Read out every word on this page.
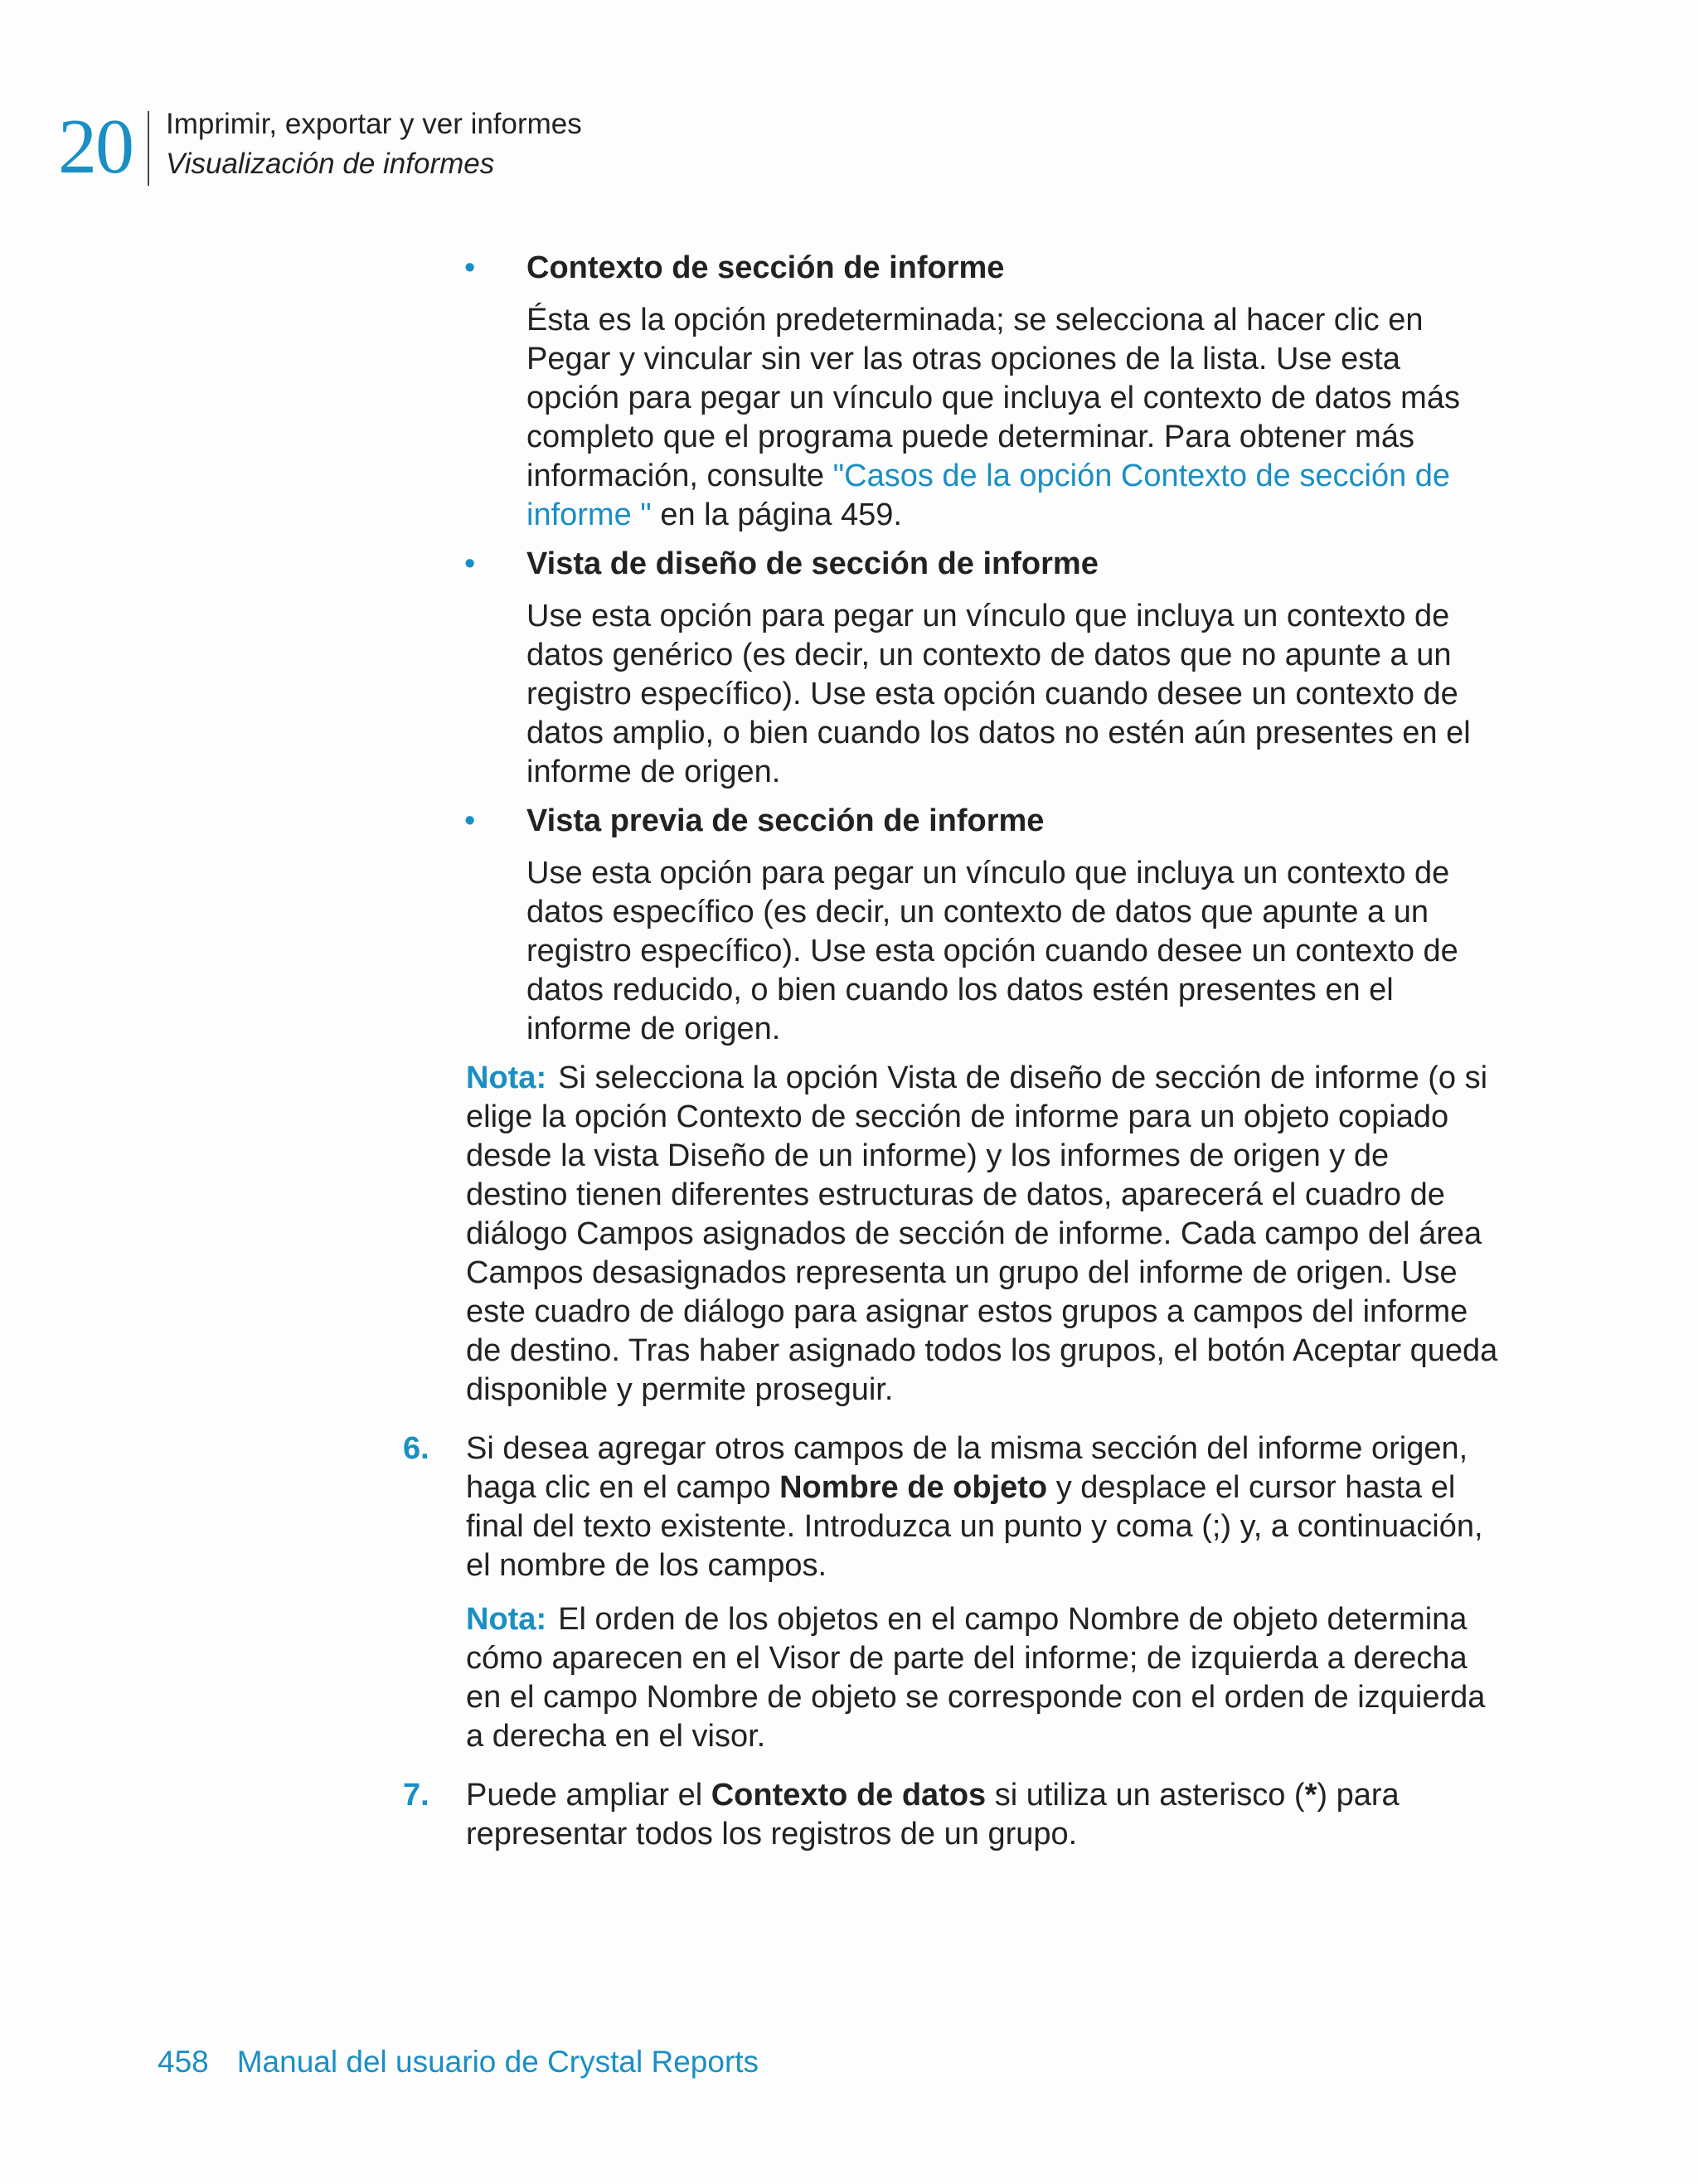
20 Imprimir, exportar y ver informes
Visualización de informes
• Contexto de sección de informe

Ésta es la opción predeterminada; se selecciona al hacer clic en Pegar y vincular sin ver las otras opciones de la lista. Use esta opción para pegar un vínculo que incluya el contexto de datos más completo que el programa puede determinar. Para obtener más información, consulte "Casos de la opción Contexto de sección de informe " en la página 459.

• Vista de diseño de sección de informe

Use esta opción para pegar un vínculo que incluya un contexto de datos genérico (es decir, un contexto de datos que no apunte a un registro específico). Use esta opción cuando desee un contexto de datos amplio, o bien cuando los datos no estén aún presentes en el informe de origen.

• Vista previa de sección de informe

Use esta opción para pegar un vínculo que incluya un contexto de datos específico (es decir, un contexto de datos que apunte a un registro específico). Use esta opción cuando desee un contexto de datos reducido, o bien cuando los datos estén presentes en el informe de origen.

Nota: Si selecciona la opción Vista de diseño de sección de informe (o si elige la opción Contexto de sección de informe para un objeto copiado desde la vista Diseño de un informe) y los informes de origen y de destino tienen diferentes estructuras de datos, aparecerá el cuadro de diálogo Campos asignados de sección de informe. Cada campo del área Campos desasignados representa un grupo del informe de origen. Use este cuadro de diálogo para asignar estos grupos a campos del informe de destino. Tras haber asignado todos los grupos, el botón Aceptar queda disponible y permite proseguir.

6. Si desea agregar otros campos de la misma sección del informe origen, haga clic en el campo Nombre de objeto y desplace el cursor hasta el final del texto existente. Introduzca un punto y coma (;) y, a continuación, el nombre de los campos.

Nota: El orden de los objetos en el campo Nombre de objeto determina cómo aparecen en el Visor de parte del informe; de izquierda a derecha en el campo Nombre de objeto se corresponde con el orden de izquierda a derecha en el visor.

7. Puede ampliar el Contexto de datos si utiliza un asterisco (*) para representar todos los registros de un grupo.

458 Manual del usuario de Crystal Reports
